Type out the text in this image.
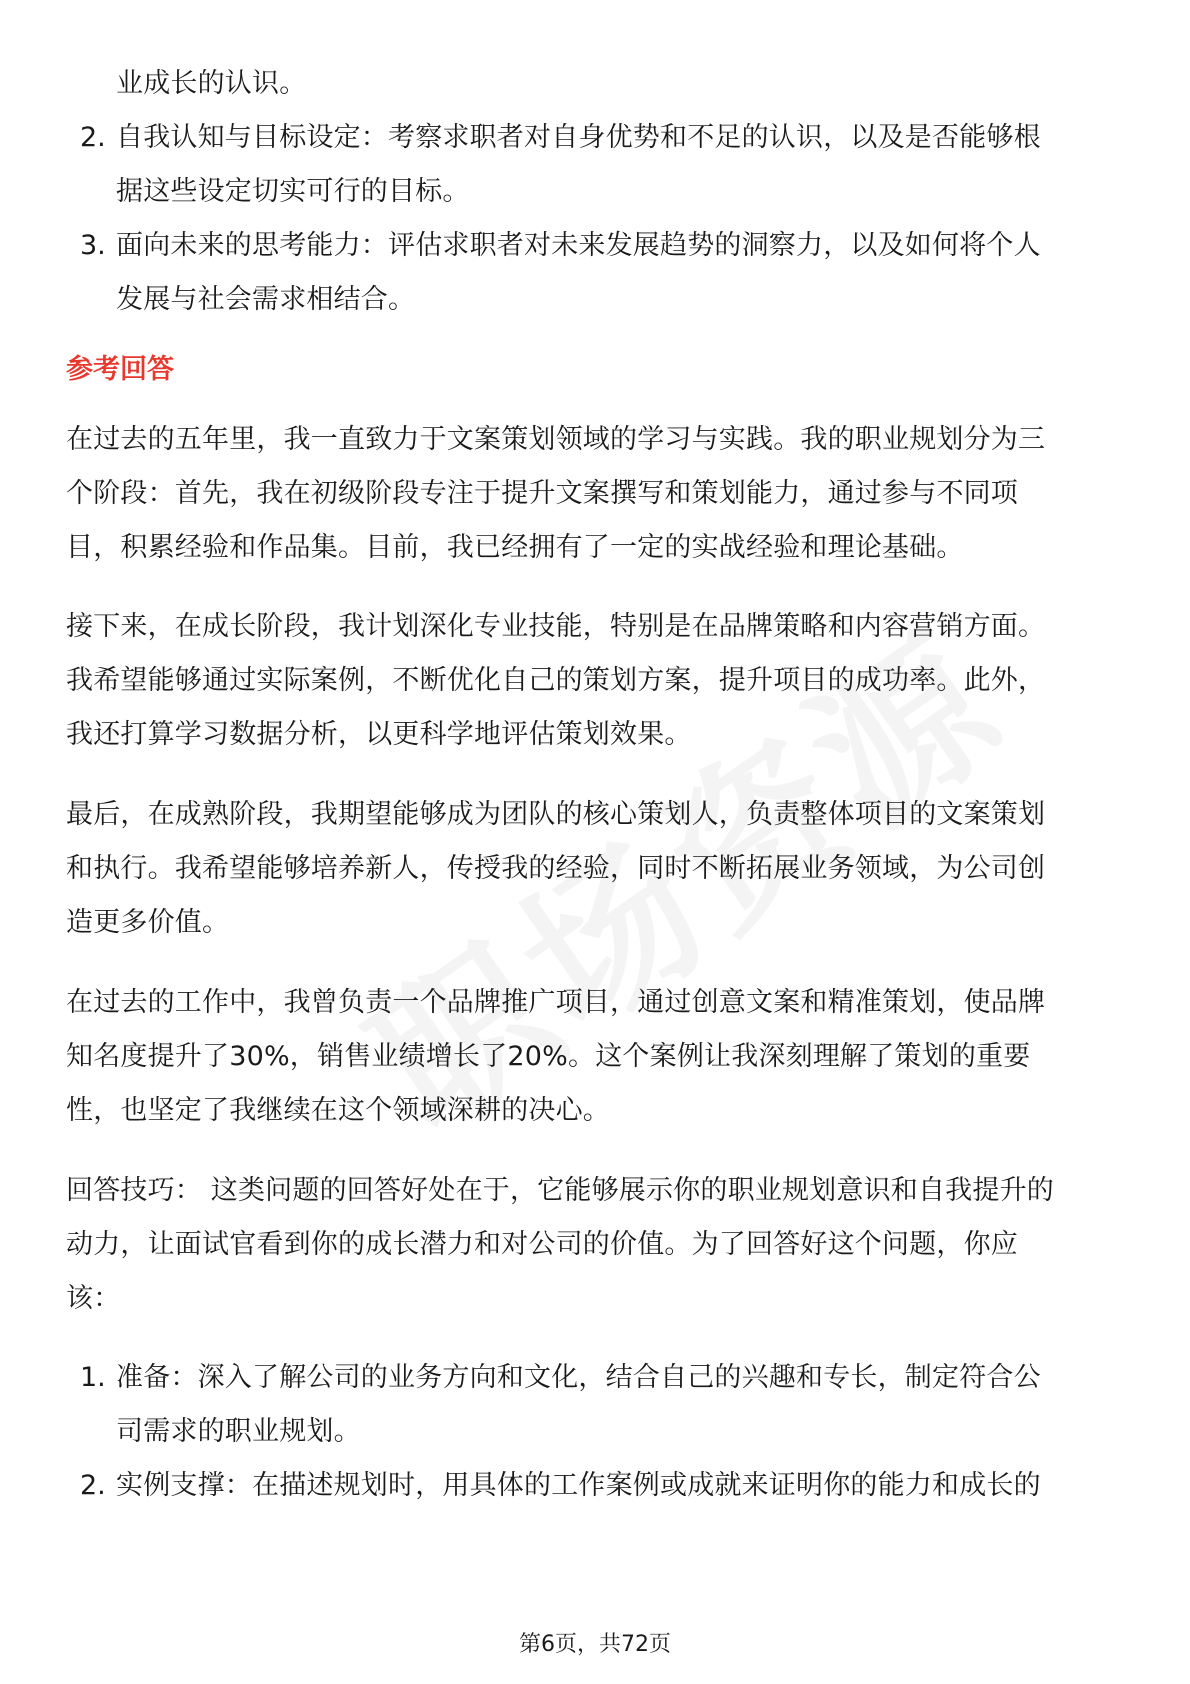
业成长的认识。
2. 自我认知与目标设定：考察求职者对自身优势和不足的认识，以及是否能够根
据这些设定切实可行的目标。
3. 面向未来的思考能力：评估求职者对未来发展趋势的洞察力，以及如何将个人
发展与社会需求相结合。
参考回答
在过去的五年里，我一直致力于文案策划领域的学习与实践。我的职业规划分为三
个阶段：首先，我在初级阶段专注于提升文案撰写和策划能力，通过参与不同项
目，积累经验和作品集。目前，我已经拥有了一定的实战经验和理论基础。
接下来，在成长阶段，我计划深化专业技能，特别是在品牌策略和内容营销方面。
我希望能够通过实际案例，不断优化自己的策划方案，提升项目的成功率。此外，
我还打算学习数据分析，以更科学地评估策划效果。
最后，在成熟阶段，我期望能够成为团队的核心策划人，负责整体项目的文案策划
和执行。我希望能够培养新人，传授我的经验，同时不断拓展业务领域，为公司创
造更多价值。
在过去的工作中，我曾负责一个品牌推广项目，通过创意文案和精准策划，使品牌
知名度提升了30%，销售业绩增长了20%。这个案例让我深刻理解了策划的重要
性，也坚定了我继续在这个领域深耕的决心。
回答技巧： 这类问题的回答好处在于，它能够展示你的职业规划意识和自我提升的
动力，让面试官看到你的成长潜力和对公司的价值。为了回答好这个问题，你应
该：
1. 准备：深入了解公司的业务方向和文化，结合自己的兴趣和专长，制定符合公
司需求的职业规划。
2. 实例支撑：在描述规划时，用具体的工作案例或成就来证明你的能力和成长的
第6页，共72页
